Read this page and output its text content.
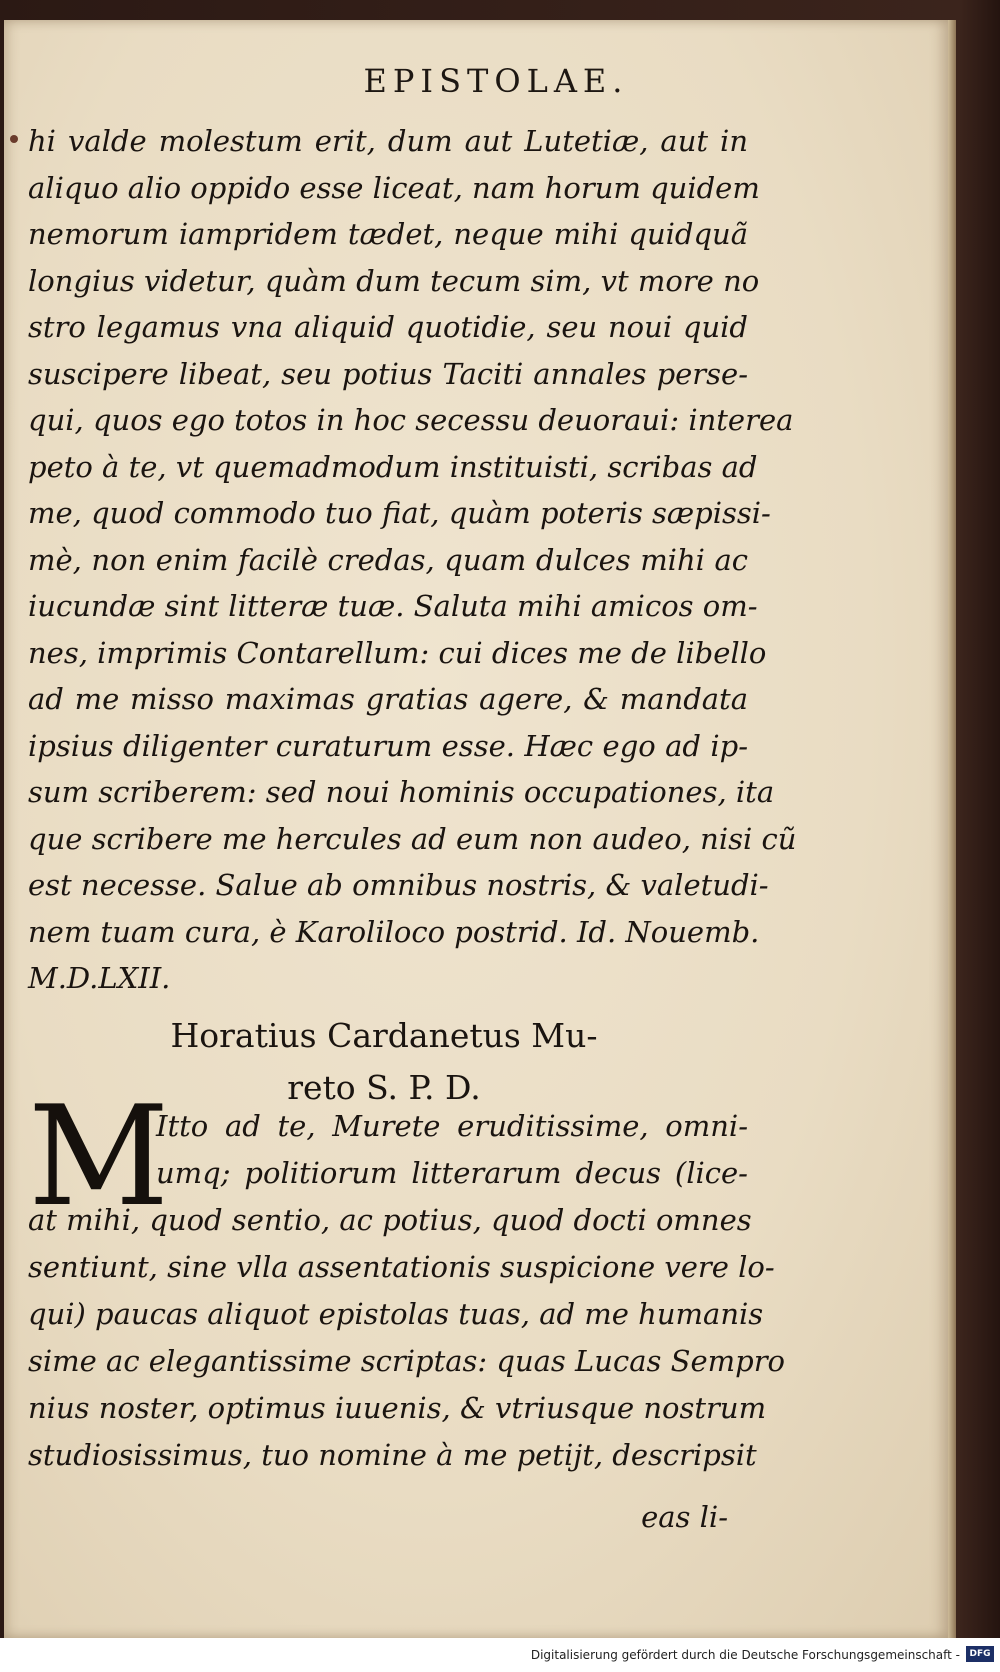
EPISTOLAE.
hi valde molestum erit, dum aut Lutetiæ, aut in
aliquo alio oppido esse liceat, nam horum quidem
nemorum iampridem tædet, neque mihi quidquã
longius videtur, quàm dum tecum sim, vt more no
stro legamus vna aliquid quotidie, seu noui quid
suscipere libeat, seu potius Taciti annales perse-
qui, quos ego totos in hoc secessu deuoraui: interea
peto à te, vt quemadmodum instituisti, scribas ad
me, quod commodo tuo fiat, quàm poteris sæpissi-
mè, non enim facilè credas, quam dulces mihi ac
iucundæ sint litteræ tuæ. Saluta mihi amicos om-
nes, imprimis Contarellum: cui dices me de libello
ad me misso maximas gratias agere, & mandata
ipsius diligenter curaturum esse. Hæc ego ad ip-
sum scriberem: sed noui hominis occupationes, ita
que scribere me hercules ad eum non audeo, nisi cũ
est necesse. Salue ab omnibus nostris, & valetudi-
nem tuam cura, è Karoliloco postrid. Id. Nouemb.
M.D.LXII.
Horatius Cardanetus Mu-
reto S. P. D.
M
Itto ad te, Murete eruditissime, omni-
umq; politiorum litterarum decus (lice-
at mihi, quod sentio, ac potius, quod docti omnes
sentiunt, sine vlla assentationis suspicione vere lo-
qui) paucas aliquot epistolas tuas, ad me humanis
sime ac elegantissime scriptas: quas Lucas Sempro
nius noster, optimus iuuenis, & vtriusque nostrum
studiosissimus, tuo nomine à me petijt, descripsit
eas li-
Digitalisierung gefördert durch die Deutsche Forschungsgemeinschaft -	DFG
